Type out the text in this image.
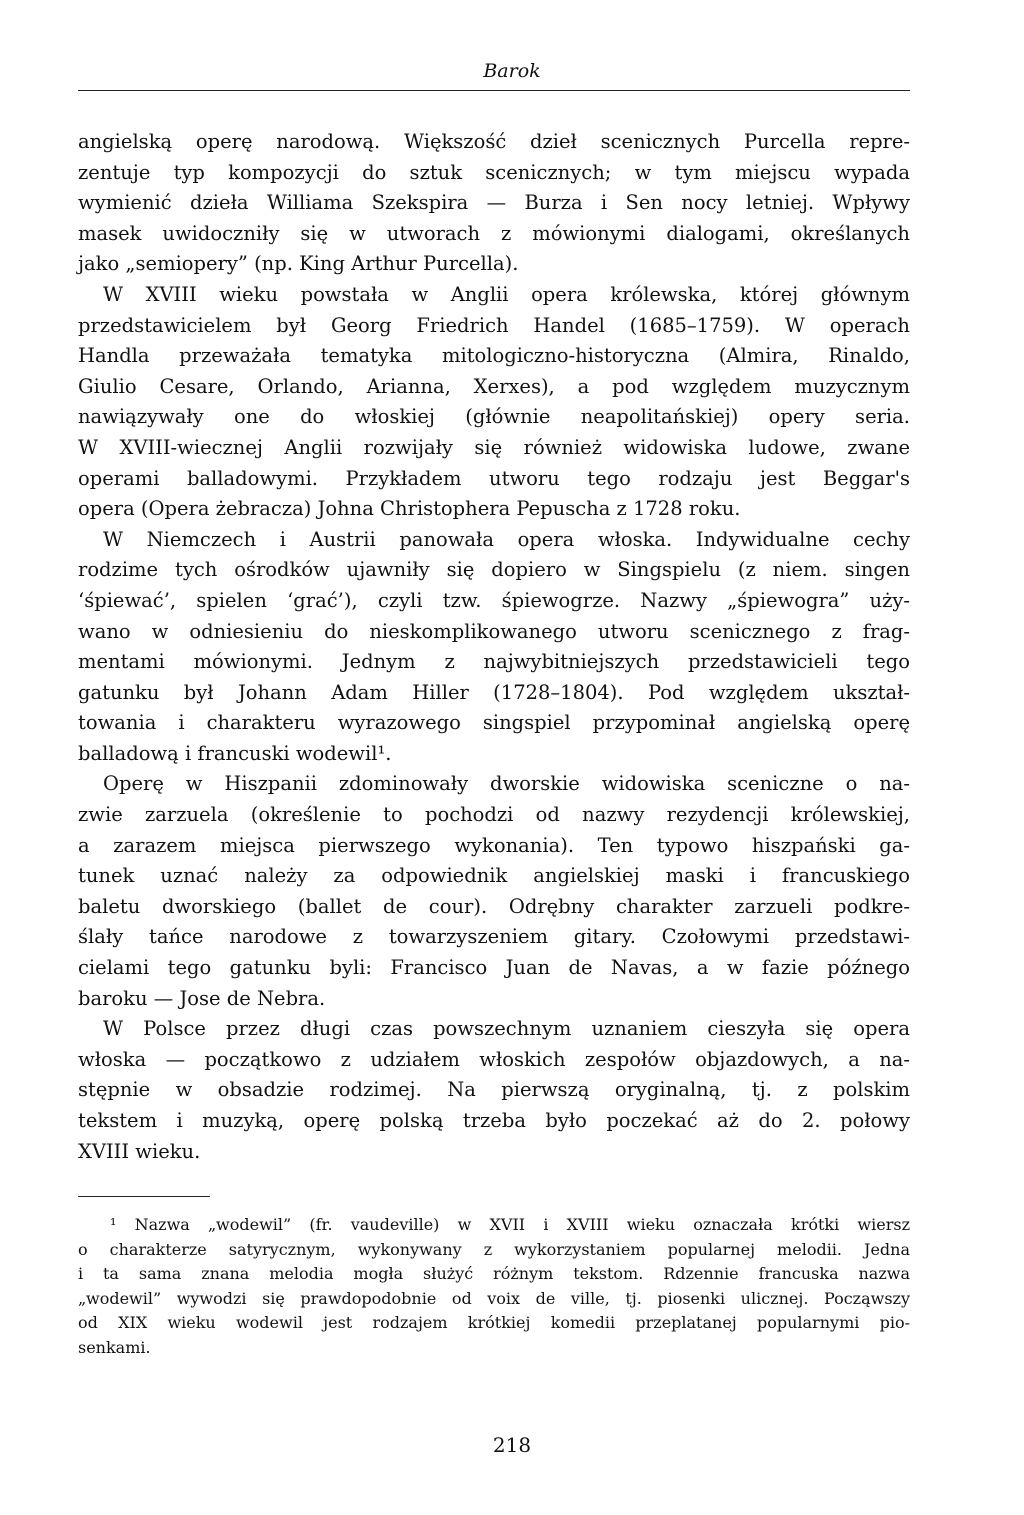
Barok
angielską operę narodową. Większość dzieł scenicznych Purcella repre-
zentuje typ kompozycji do sztuk scenicznych; w tym miejscu wypada
wymienić dzieła Williama Szekspira — Burza i Sen nocy letniej. Wpływy
masek uwidoczniły się w utworach z mówionymi dialogami, określanych
jako „semiopery” (np. King Arthur Purcella).
W XVIII wieku powstała w Anglii opera królewska, której głównym
przedstawicielem był Georg Friedrich Handel (1685–1759). W operach
Handla przeważała tematyka mitologiczno-historyczna (Almira, Rinaldo,
Giulio Cesare, Orlando, Arianna, Xerxes), a pod względem muzycznym
nawiązywały one do włoskiej (głównie neapolitańskiej) opery seria.
W XVIII-wiecznej Anglii rozwijały się również widowiska ludowe, zwane
operami balladowymi. Przykładem utworu tego rodzaju jest Beggar's
opera (Opera żebracza) Johna Christophera Pepuscha z 1728 roku.
W Niemczech i Austrii panowała opera włoska. Indywidualne cechy
rodzime tych ośrodków ujawniły się dopiero w Singspielu (z niem. singen
‘śpiewać’, spielen ‘grać’), czyli tzw. śpiewogrze. Nazwy „śpiewogra” uży-
wano w odniesieniu do nieskomplikowanego utworu scenicznego z frag-
mentami mówionymi. Jednym z najwybitniejszych przedstawicieli tego
gatunku był Johann Adam Hiller (1728–1804). Pod względem ukształ-
towania i charakteru wyrazowego singspiel przypominał angielską operę
balladową i francuski wodewil¹.
Operę w Hiszpanii zdominowały dworskie widowiska sceniczne o na-
zwie zarzuela (określenie to pochodzi od nazwy rezydencji królewskiej,
a zarazem miejsca pierwszego wykonania). Ten typowo hiszpański ga-
tunek uznać należy za odpowiednik angielskiej maski i francuskiego
baletu dworskiego (ballet de cour). Odrębny charakter zarzueli podkre-
ślały tańce narodowe z towarzyszeniem gitary. Czołowymi przedstawi-
cielami tego gatunku byli: Francisco Juan de Navas, a w fazie późnego
baroku — Jose de Nebra.
W Polsce przez długi czas powszechnym uznaniem cieszyła się opera
włoska — początkowo z udziałem włoskich zespołów objazdowych, a na-
stępnie w obsadzie rodzimej. Na pierwszą oryginalną, tj. z polskim
tekstem i muzyką, operę polską trzeba było poczekać aż do 2. połowy
XVIII wieku.
¹ Nazwa „wodewil” (fr. vaudeville) w XVII i XVIII wieku oznaczała krótki wiersz
o charakterze satyrycznym, wykonywany z wykorzystaniem popularnej melodii. Jedna
i ta sama znana melodia mogła służyć różnym tekstom. Rdzennie francuska nazwa
„wodewil” wywodzi się prawdopodobnie od voix de ville, tj. piosenki ulicznej. Począwszy
od XIX wieku wodewil jest rodzajem krótkiej komedii przeplatanej popularnymi pio-
senkami.
218
